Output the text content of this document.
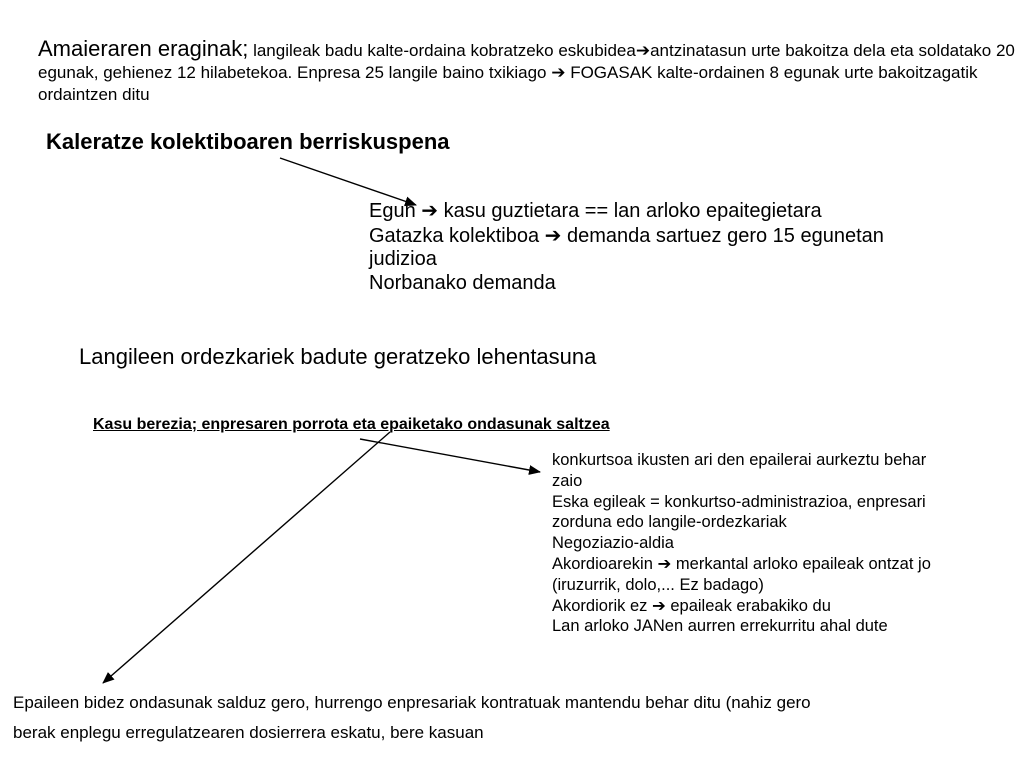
Amaieraren eraginak; langileak badu kalte-ordaina kobratzeko eskubidea➔antzinatasun urte bakoitza dela eta soldatako 20 egunak, gehienez 12 hilabetekoa. Enpresa 25 langile baino txikiago ➔ FOGASAK kalte-ordainen 8 egunak urte bakoitzagatik ordaintzen ditu
Kaleratze kolektiboaren berriskuspena
Egun ➔ kasu guztietara == lan arloko epaitegietara
Gatazka kolektiboa ➔ demanda sartuez gero 15 egunetan
judizioa
Norbanako demanda
Langileen ordezkariek badute geratzeko lehentasuna
Kasu berezia; enpresaren porrota eta epaiketako ondasunak saltzea
konkurtsoa ikusten ari den epailerai aurkeztu behar
zaio
Eska egileak = konkurtso-administrazioa, enpresari
zorduna edo langile-ordezkariak
Negoziazio-aldia
Akordioarekin ➔ merkantal arloko epaileak ontzat jo
(iruzurrik, dolo,... Ez badago)
Akordiorik ez ➔ epaileak erabakiko du
Lan arloko JANen aurren errekurritu ahal dute
Epaileen bidez ondasunak salduz gero, hurrengo enpresariak kontratuak mantendu behar ditu (nahiz gero
berak enplegu erregulatzearen dosierrera eskatu, bere kasuan
